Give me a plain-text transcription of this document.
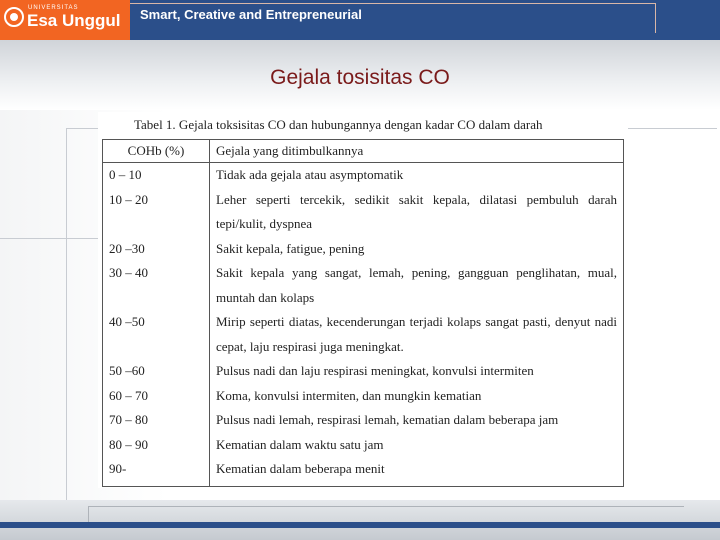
UNIVERSITAS
Esa Unggul Smart, Creative and Entrepreneurial
Gejala tosisitas CO
Tabel 1. Gejala toksisitas CO dan hubungannya dengan kadar CO dalam darah
COHb (%)	Gejala yang ditimbulkannya
0 – 10	Tidak ada gejala atau asymptomatik
10 – 20	Leher seperti tercekik, sedikit sakit kepala, dilatasi pembuluh darah tepi/kulit, dyspnea
20 –30	Sakit kepala, fatigue, pening
30 – 40	Sakit kepala yang sangat, lemah, pening, gangguan penglihatan, mual, muntah dan kolaps
40 –50	Mirip seperti diatas, kecenderungan terjadi kolaps sangat pasti, denyut nadi cepat, laju respirasi juga meningkat.
50 –60	Pulsus nadi dan laju respirasi meningkat, konvulsi intermiten
60 – 70	Koma, konvulsi intermiten, dan mungkin kematian
70 – 80	Pulsus nadi lemah, respirasi lemah, kematian dalam beberapa jam
80 – 90	Kematian dalam waktu satu jam
90-	Kematian dalam beberapa menit
